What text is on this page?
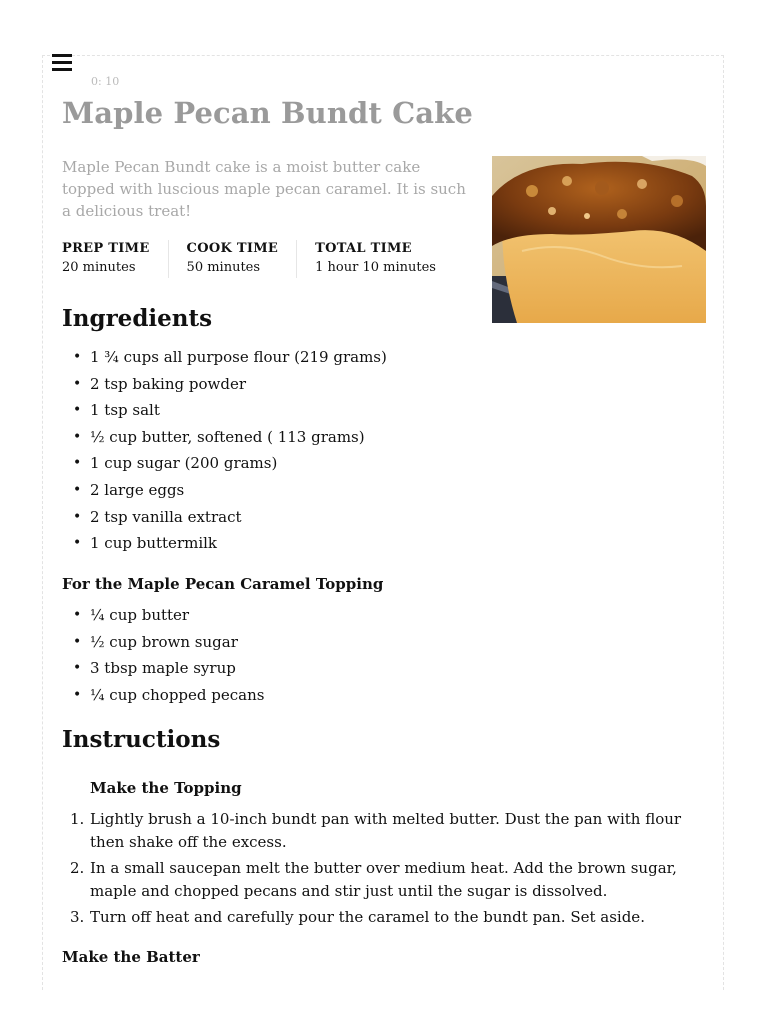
0: 10
Maple Pecan Bundt Cake

Maple Pecan Bundt cake is a moist butter cake topped with luscious maple pecan caramel. It is such a delicious treat!

PREP TIME
20 minutes
COOK TIME
50 minutes
TOTAL TIME
1 hour 10 minutes
Ingredients
• 1 ¾ cups all purpose flour (219 grams)
• 2 tsp baking powder
• 1 tsp salt
• ½ cup butter, softened ( 113 grams)
• 1 cup sugar (200 grams)
• 2 large eggs
• 2 tsp vanilla extract
• 1 cup buttermilk
For the Maple Pecan Caramel Topping
• ¼ cup butter
• ½ cup brown sugar
• 3 tbsp maple syrup
• ¼ cup chopped pecans
Instructions
Make the Topping
1. Lightly brush a 10-inch bundt pan with melted butter. Dust the pan with flour then shake off the excess.
2. In a small saucepan melt the butter over medium heat. Add the brown sugar, maple and chopped pecans and stir just until the sugar is dissolved.
3. Turn off heat and carefully pour the caramel to the bundt pan. Set aside.
Make the Batter
